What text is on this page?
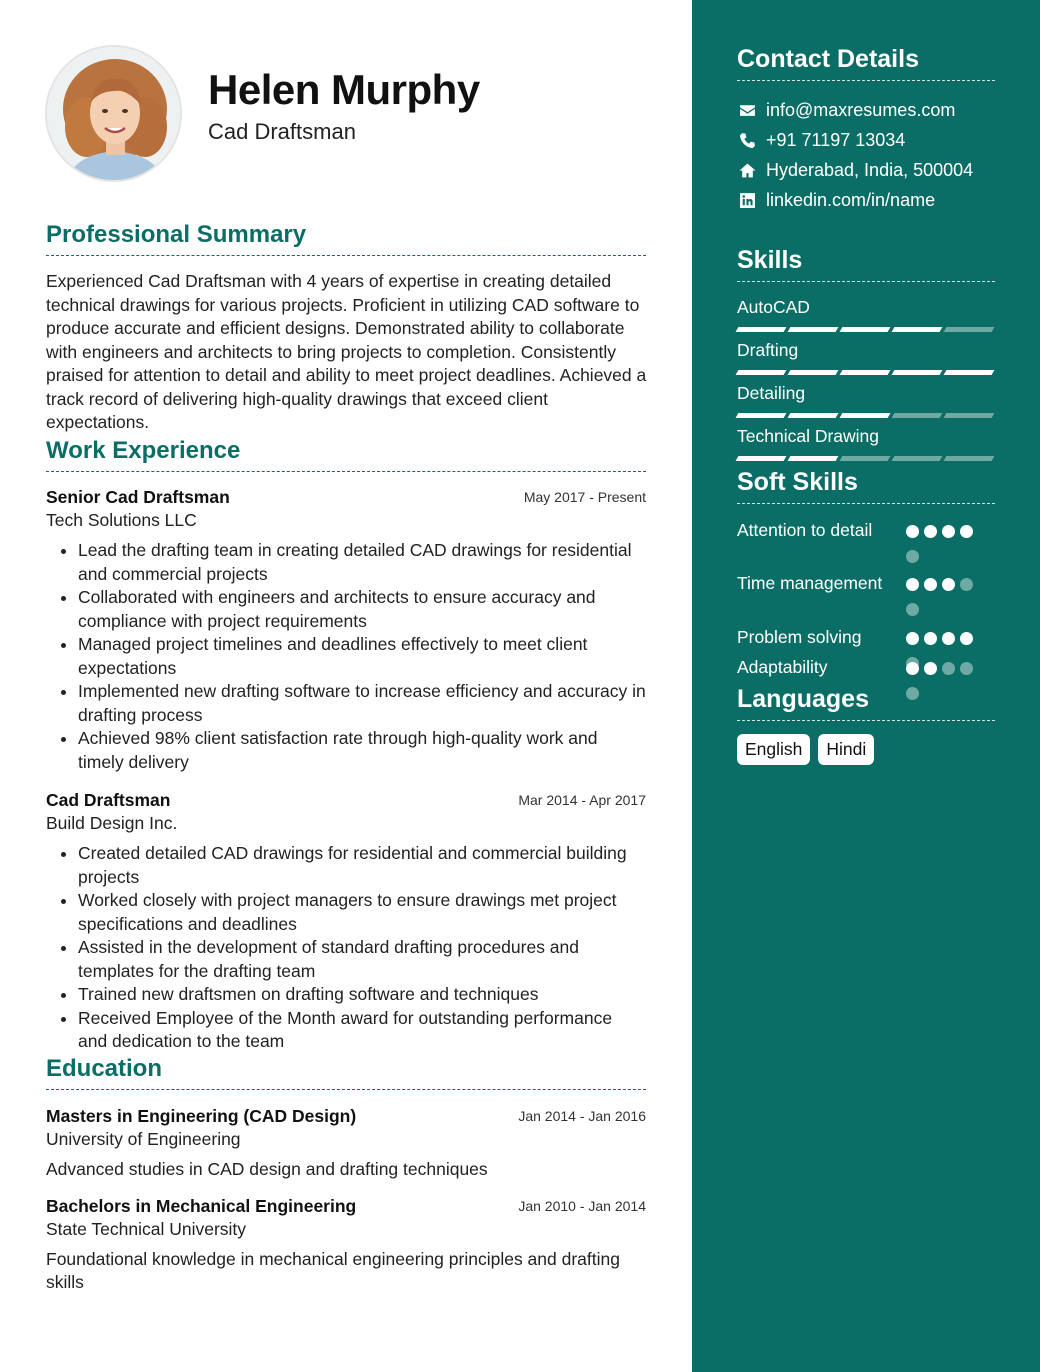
Helen Murphy
Cad Draftsman
Professional Summary
Experienced Cad Draftsman with 4 years of expertise in creating detailed technical drawings for various projects. Proficient in utilizing CAD software to produce accurate and efficient designs. Demonstrated ability to collaborate with engineers and architects to bring projects to completion. Consistently praised for attention to detail and ability to meet project deadlines. Achieved a track record of delivering high-quality drawings that exceed client expectations.
Work Experience
Senior Cad Draftsman	May 2017 - Present
Tech Solutions LLC
• Lead the drafting team in creating detailed CAD drawings for residential and commercial projects
• Collaborated with engineers and architects to ensure accuracy and compliance with project requirements
• Managed project timelines and deadlines effectively to meet client expectations
• Implemented new drafting software to increase efficiency and accuracy in drafting process
• Achieved 98% client satisfaction rate through high-quality work and timely delivery
Cad Draftsman	Mar 2014 - Apr 2017
Build Design Inc.
• Created detailed CAD drawings for residential and commercial building projects
• Worked closely with project managers to ensure drawings met project specifications and deadlines
• Assisted in the development of standard drafting procedures and templates for the drafting team
• Trained new draftsmen on drafting software and techniques
• Received Employee of the Month award for outstanding performance and dedication to the team
Education
Masters in Engineering (CAD Design)	Jan 2014 - Jan 2016
University of Engineering
Advanced studies in CAD design and drafting techniques
Bachelors in Mechanical Engineering	Jan 2010 - Jan 2014
State Technical University
Foundational knowledge in mechanical engineering principles and drafting skills
Contact Details
info@maxresumes.com
+91 71197 13034
Hyderabad, India, 500004
linkedin.com/in/name
Skills
AutoCAD
Drafting
Detailing
Technical Drawing
Soft Skills
Attention to detail
Time management
Problem solving
Adaptability
Languages
English	Hindi
